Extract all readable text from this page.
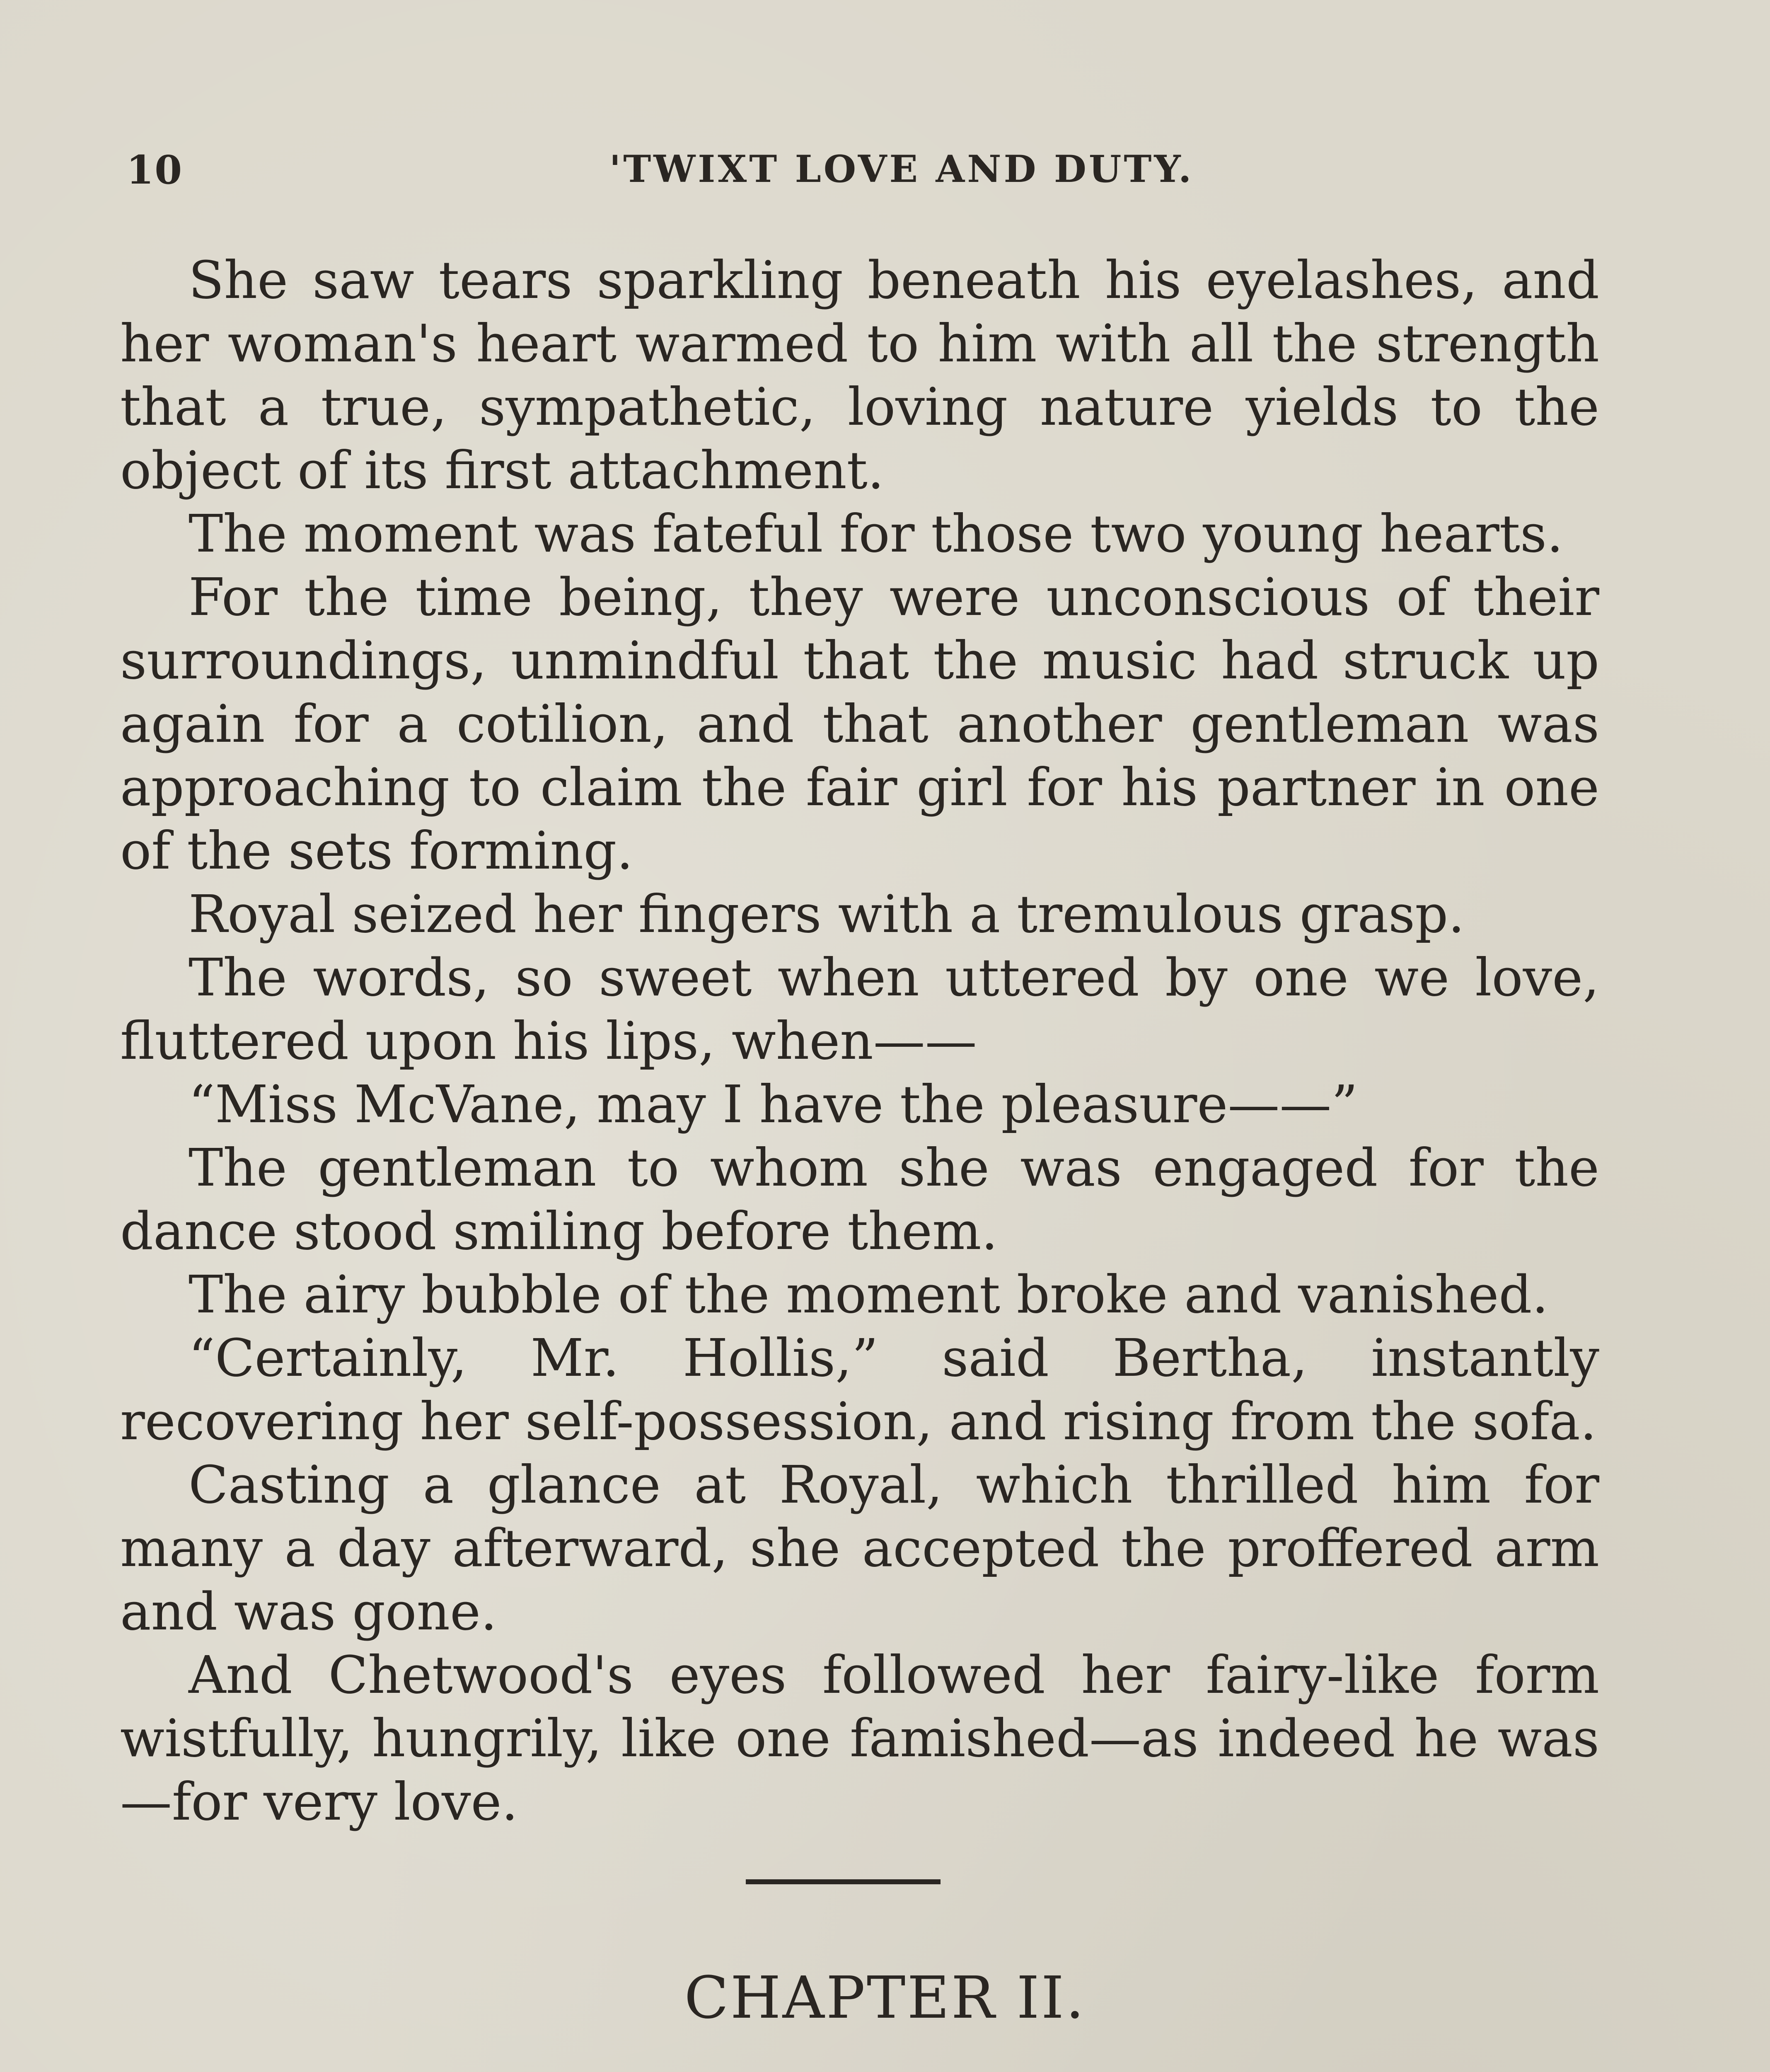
10	'TWIXT LOVE AND DUTY.

She saw tears sparkling beneath his eyelashes, and her woman's heart warmed to him with all the strength that a true, sympathetic, loving nature yields to the object of its first attachment.

The moment was fateful for those two young hearts.

For the time being, they were unconscious of their surroundings, unmindful that the music had struck up again for a cotilion, and that another gentleman was approaching to claim the fair girl for his partner in one of the sets forming.

Royal seized her fingers with a tremulous grasp.

The words, so sweet when uttered by one we love, fluttered upon his lips, when——

“Miss McVane, may I have the pleasure——”

The gentleman to whom she was engaged for the dance stood smiling before them.

The airy bubble of the moment broke and vanished.

“Certainly, Mr. Hollis,” said Bertha, instantly recovering her self-possession, and rising from the sofa.

Casting a glance at Royal, which thrilled him for many a day afterward, she accepted the proffered arm and was gone.

And Chetwood's eyes followed her fairy-like form wistfully, hungrily, like one famished—as indeed he was—for very love.

CHAPTER II.
